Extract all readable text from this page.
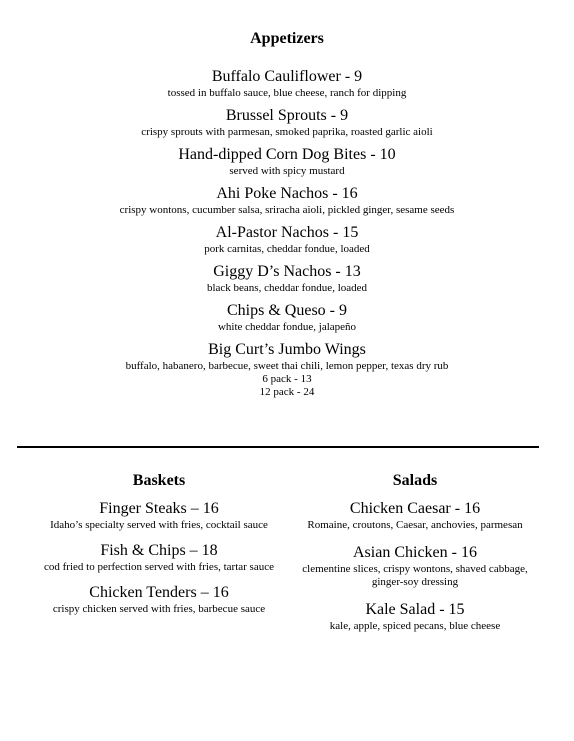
Appetizers
Buffalo Cauliflower - 9
tossed in buffalo sauce, blue cheese, ranch for dipping
Brussel Sprouts - 9
crispy sprouts with parmesan, smoked paprika, roasted garlic aioli
Hand-dipped Corn Dog Bites - 10
served with spicy mustard
Ahi Poke Nachos - 16
crispy wontons, cucumber salsa, sriracha aioli, pickled ginger, sesame seeds
Al-Pastor Nachos - 15
pork carnitas, cheddar fondue, loaded
Giggy D’s Nachos - 13
black beans, cheddar fondue, loaded
Chips & Queso - 9
white cheddar fondue, jalapeño
Big Curt’s Jumbo Wings
buffalo, habanero, barbecue, sweet thai chili, lemon pepper, texas dry rub
6 pack - 13
12 pack - 24
Baskets
Finger Steaks – 16
Idaho’s specialty served with fries, cocktail sauce
Fish & Chips – 18
cod fried to perfection served with fries, tartar sauce
Chicken Tenders – 16
crispy chicken served with fries, barbecue sauce
Salads
Chicken Caesar - 16
Romaine, croutons, Caesar, anchovies, parmesan
Asian Chicken - 16
clementine slices, crispy wontons, shaved cabbage, ginger-soy dressing
Kale Salad - 15
kale, apple, spiced pecans, blue cheese
